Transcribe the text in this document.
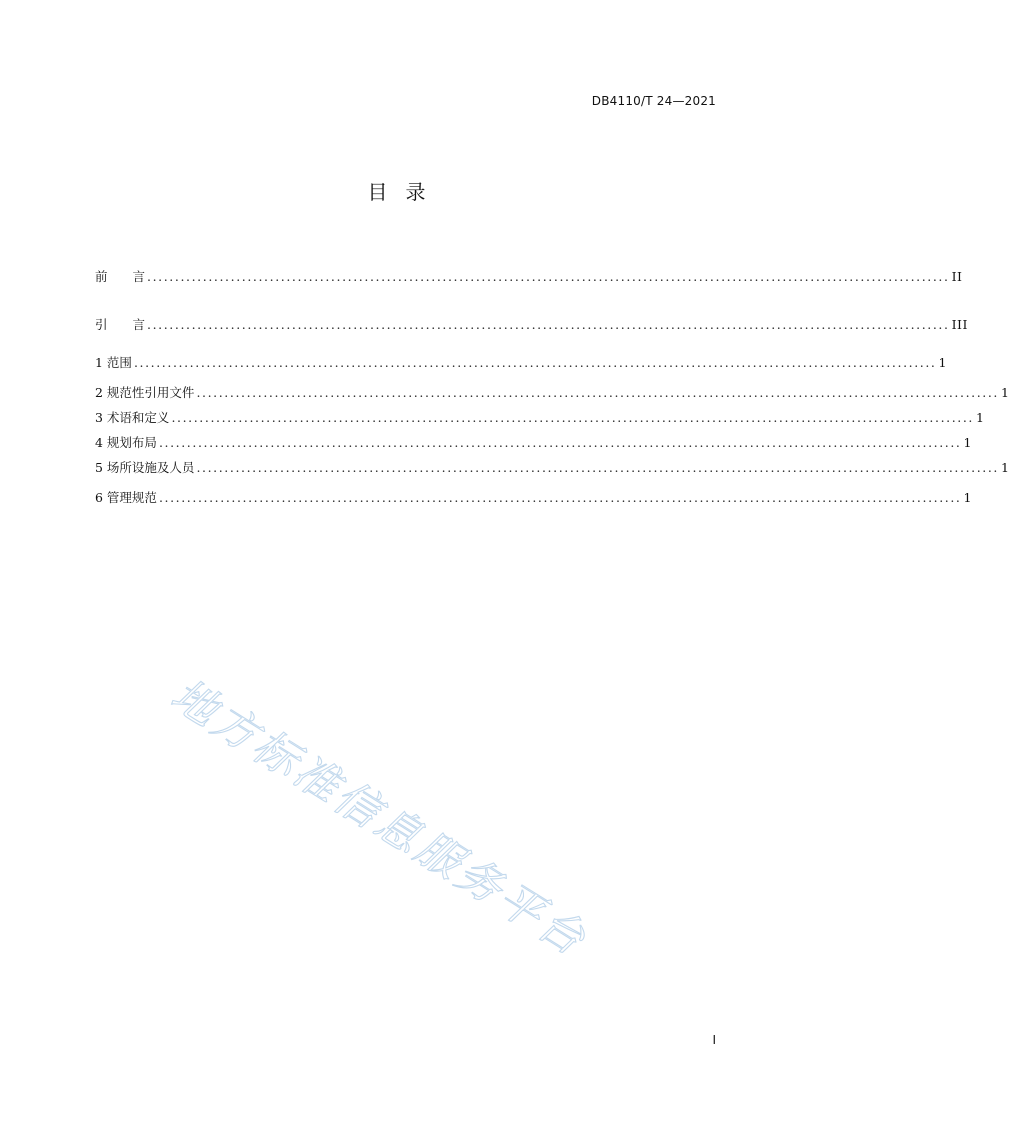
DB4110/T 24—2021
目 录
前　　言 ................................................................................................................................................ II
引　　言 ................................................................................................................................................ III
1 范围 ................................................................................................................................................ 1
2 规范性引用文件 ................................................................................................................................................ 1
3 术语和定义 ................................................................................................................................................ 1
4 规划布局 ................................................................................................................................................ 1
5 场所设施及人员 ................................................................................................................................................ 1
6 管理规范 ................................................................................................................................................ 1
地方标准信息服务平台
I
